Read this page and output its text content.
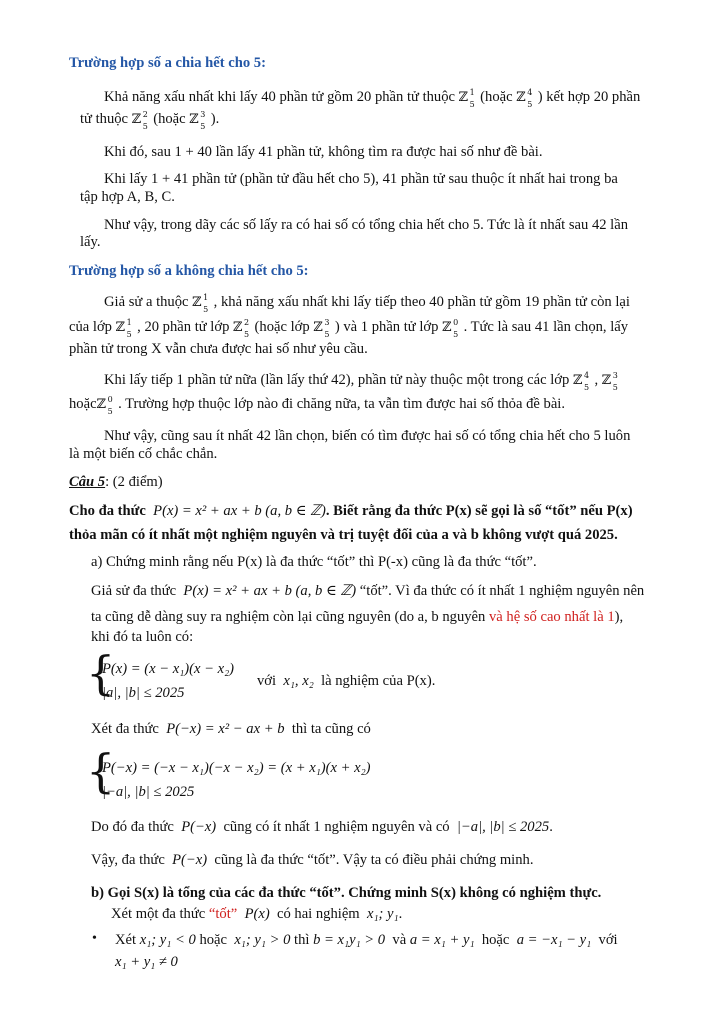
Trường hợp số a chia hết cho 5:
Khả năng xấu nhất khi lấy 40 phần tử gồm 20 phần tử thuộc ℤ 1
5 (hoặc ℤ 4
5 ) kết hợp 20 phần
tử thuộc ℤ 2
5 (hoặc ℤ 3
5 ).
Khi đó, sau 1 + 40 lần lấy 41 phần tử, không tìm ra được hai số như đề bài.
Khi lấy 1 + 41 phần tử (phần tử đầu hết cho 5), 41 phần tử sau thuộc ít nhất hai trong ba
tập hợp A, B, C.
Như vậy, trong dãy các số lấy ra có hai số có tổng chia hết cho 5. Tức là ít nhất sau 42 lần
lấy.
Trường hợp số a không chia hết cho 5:
Giả sử a thuộc ℤ 1
5 , khả năng xấu nhất khi lấy tiếp theo 40 phần tử gồm 19 phần tử còn lại
của lớp ℤ 1
5 , 20 phần tử lớp ℤ 2
5 (hoặc lớp ℤ 3
5 ) và 1 phần tử lớp ℤ 0
5 . Tức là sau 41 lần chọn, lấy
phần tử trong X vẫn chưa được hai số như yêu cầu.
Khi lấy tiếp 1 phần tử nữa (lần lấy thứ 42), phần tử này thuộc một trong các lớp ℤ 4
5 , ℤ 3
5
hoặcℤ 0
5 . Trường hợp thuộc lớp nào đi chăng nữa, ta vẫn tìm được hai số thỏa đề bài.
Như vậy, cũng sau ít nhất 42 lần chọn, biến có tìm được hai số có tổng chia hết cho 5 luôn
là một biến cố chắc chắn.
Câu 5: (2 điểm)
Cho đa thức P(x) = x² + ax + b (a, b ∈ ℤ). Biết rằng đa thức P(x) sẽ gọi là số “tốt” nếu P(x)
thỏa mãn có ít nhất một nghiệm nguyên và trị tuyệt đối của a và b không vượt quá 2025.
a) Chứng minh rằng nếu P(x) là đa thức “tốt” thì P(-x) cũng là đa thức “tốt”.
Giả sử đa thức P(x) = x² + ax + b (a, b ∈ ℤ) “tốt”. Vì đa thức có ít nhất 1 nghiệm nguyên nên
ta cũng dễ dàng suy ra nghiệm còn lại cũng nguyên (do a, b nguyên và hệ số cao nhất là 1),
khi đó ta luôn có:
{
P(x) = (x − x₁)(x − x₂)
|a|, |b| ≤ 2025
với x₁, x₂ là nghiệm của P(x).
Xét đa thức P(−x) = x² − ax + b thì ta cũng có
{
P(−x) = (−x − x₁)(−x − x₂) = (x + x₁)(x + x₂)
|−a|, |b| ≤ 2025
Do đó đa thức P(−x) cũng có ít nhất 1 nghiệm nguyên và có |−a|, |b| ≤ 2025.
Vậy, đa thức P(−x) cũng là đa thức “tốt”. Vậy ta có điều phải chứng minh.
b) Gọi S(x) là tổng của các đa thức “tốt”. Chứng minh S(x) không có nghiệm thực.
Xét một đa thức “tốt” P(x) có hai nghiệm x₁; y₁.
• Xét x₁; y₁ < 0 hoặc x₁; y₁ > 0 thì b = x₁y₁ > 0 và a = x₁ + y₁ hoặc a = −x₁ − y₁ với
x₁ + y₁ ≠ 0
